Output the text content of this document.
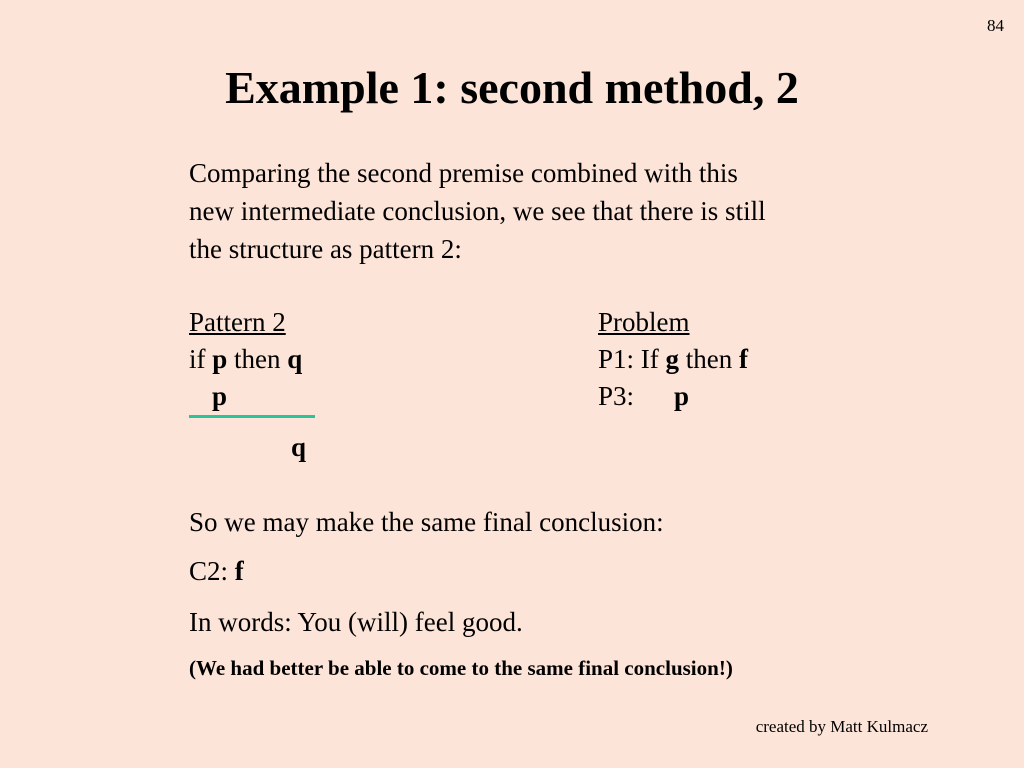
84
Example 1: second method, 2
Comparing the second premise combined with this
new intermediate conclusion, we see that there is still
the structure as pattern 2:
Pattern 2
if p then q
p
q
Problem
P1: If g then f
P3: p
So we may make the same final conclusion:
C2: f
In words: You (will) feel good.
(We had better be able to come to the same final conclusion!)
created by Matt Kulmacz
